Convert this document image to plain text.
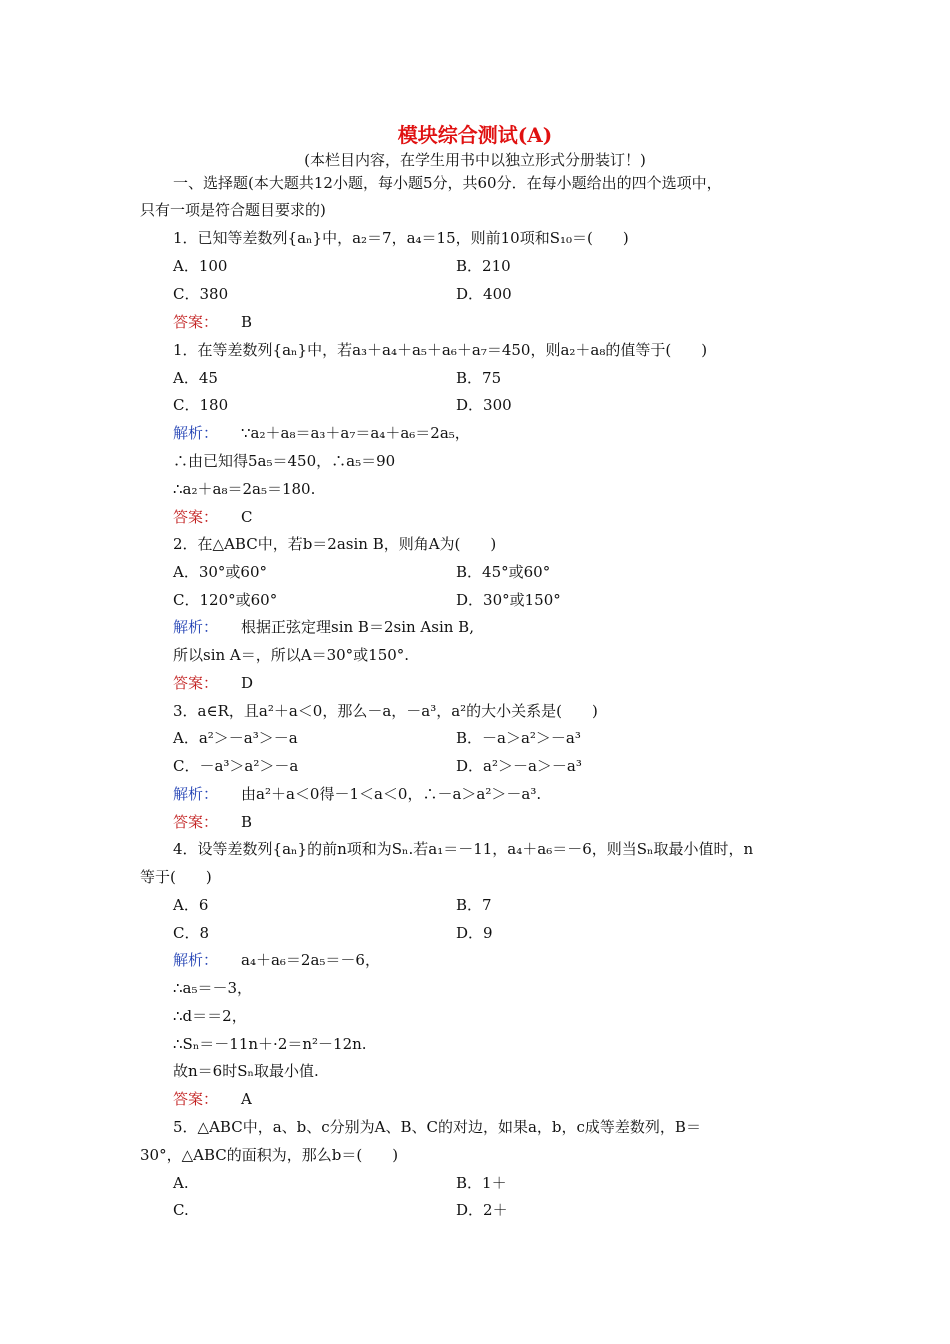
模块综合测试(A)
(本栏目内容，在学生用书中以独立形式分册装订！)
一、选择题(本大题共12小题，每小题5分，共60分．在每小题给出的四个选项中，
只有一项是符合题目要求的)
1．已知等差数列{aₙ}中，a₂＝7，a₄＝15，则前10项和S₁₀＝(　　)
A．100	B．210
C．380	D．400
答案： B
1．在等差数列{aₙ}中，若a₃＋a₄＋a₅＋a₆＋a₇＝450，则a₂＋a₈的值等于(　　)
A．45	B．75
C．180	D．300
解析： ∵a₂＋a₈＝a₃＋a₇＝a₄＋a₆＝2a₅，
∴由已知得5a₅＝450，∴a₅＝90
∴a₂＋a₈＝2a₅＝180.
答案： C
2．在△ABC中，若b＝2asin B，则角A为(　　)
A．30°或60°	B．45°或60°
C．120°或60°	D．30°或150°
解析： 根据正弦定理sin B＝2sin Asin B,
所以sin A＝，所以A＝30°或150°.
答案： D
3．a∈R，且a²＋a＜0，那么－a，－a³，a²的大小关系是(　　)
A．a²＞－a³＞－a	B．－a＞a²＞－a³
C．－a³＞a²＞－a	D．a²＞－a＞－a³
解析： 由a²＋a＜0得－1＜a＜0，∴－a＞a²＞－a³.
答案： B
4．设等差数列{aₙ}的前n项和为Sₙ.若a₁＝－11，a₄＋a₆＝－6，则当Sₙ取最小值时，n
等于(　　)
A．6	B．7
C．8	D．9
解析： a₄＋a₆＝2a₅＝－6，
∴a₅＝－3，
∴d＝＝2，
∴Sₙ＝－11n＋·2＝n²－12n.
故n＝6时Sₙ取最小值.
答案： A
5．△ABC中，a、b、c分别为A、B、C的对边，如果a，b，c成等差数列，B＝
30°，△ABC的面积为，那么b＝(　　)
A.	B．1＋
C.	D．2＋
